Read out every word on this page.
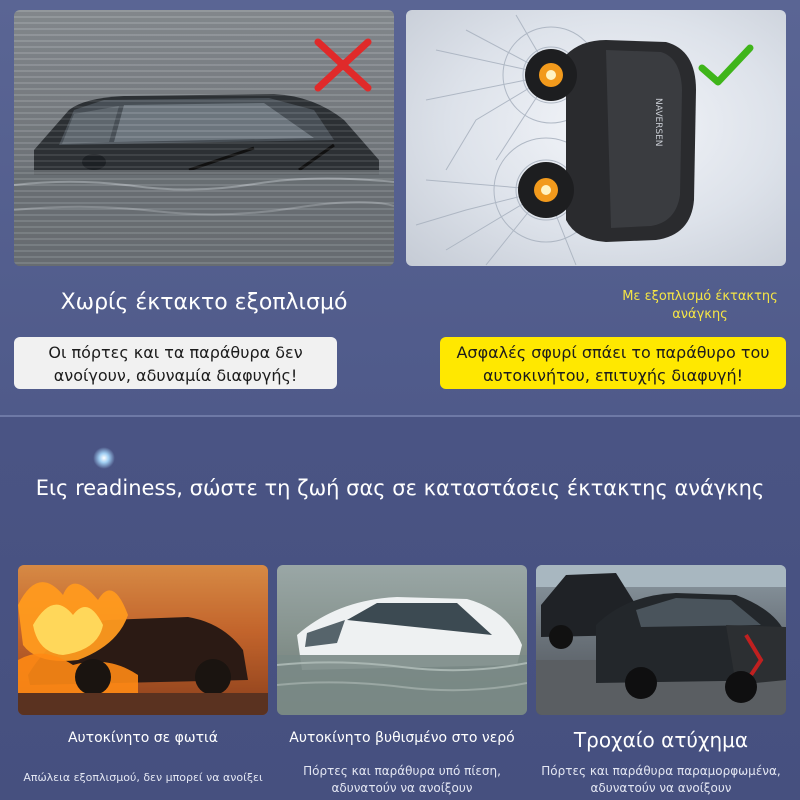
NAVERSEN
Χωρίς έκτακτο εξοπλισμό	Με εξοπλισμό έκτακτης ανάγκης
Οι πόρτες και τα παράθυρα δεν ανοίγουν, αδυναμία διαφυγής!
Ασφαλές σφυρί σπάει το παράθυρο του αυτοκινήτου, επιτυχής διαφυγή!
Εις readiness, σώστε τη ζωή σας σε καταστάσεις έκτακτης ανάγκης
Αυτοκίνητο σε φωτιά	Αυτοκίνητο βυθισμένο στο νερό	Τροχαίο ατύχημα
Απώλεια εξοπλισμού, δεν μπορεί να ανοίξει	Πόρτες και παράθυρα υπό πίεση, αδυνατούν να ανοίξουν
Πόρτες και παράθυρα παραμορφωμένα, αδυνατούν να ανοίξουν
